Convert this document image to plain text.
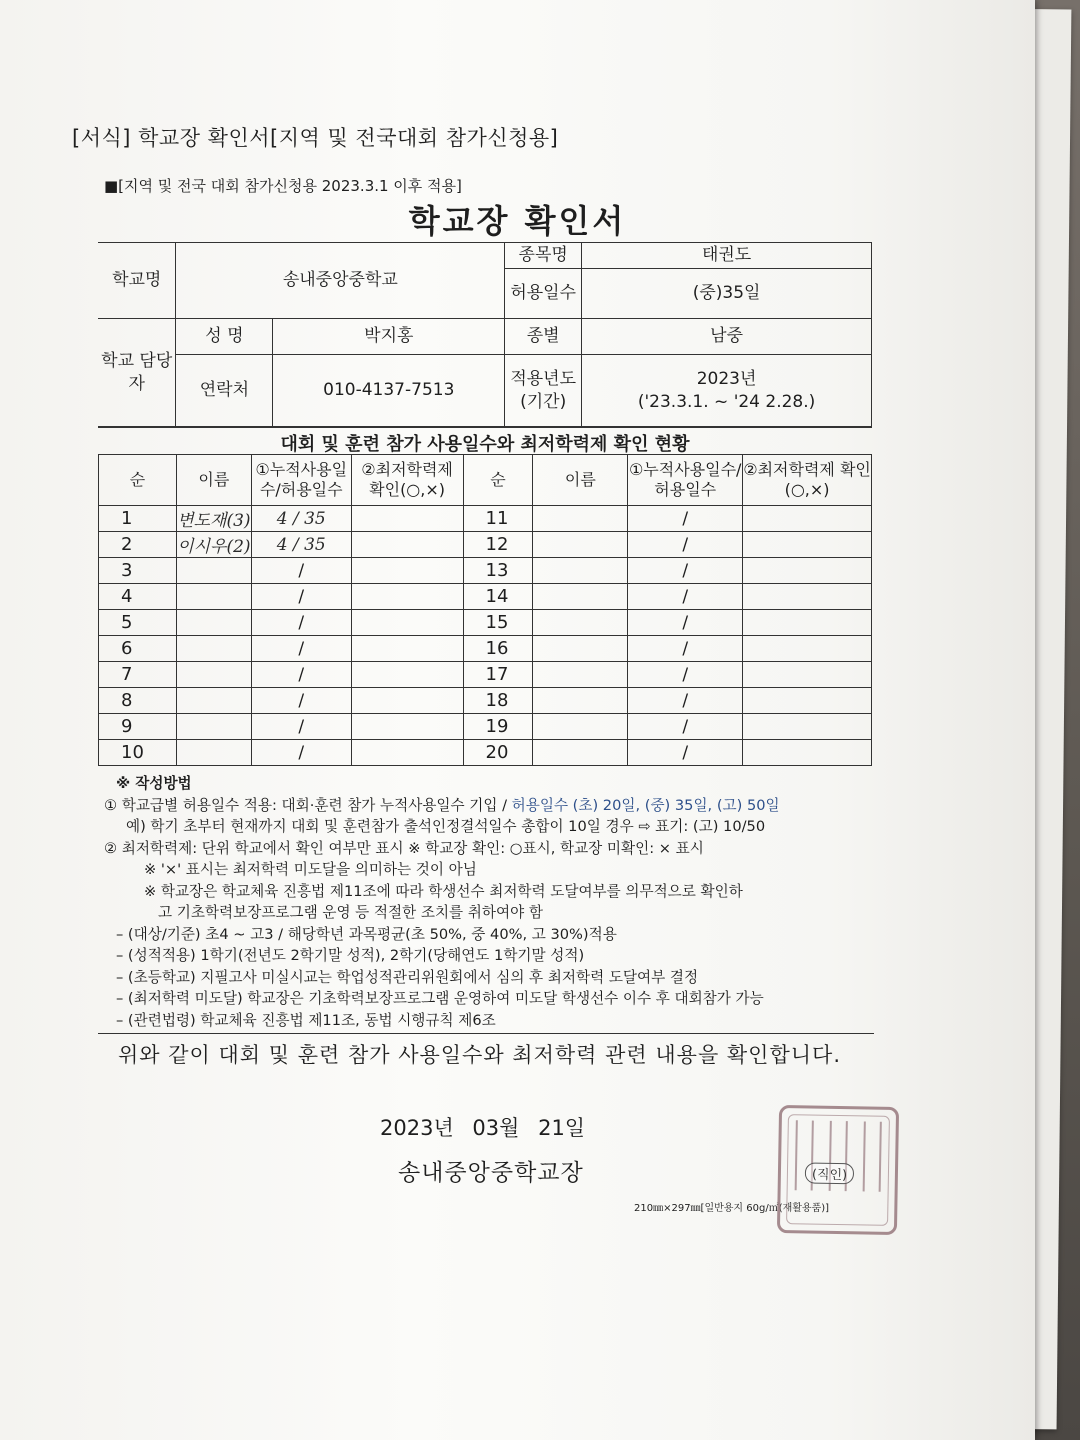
[서식] 학교장 확인서[지역 및 전국대회 참가신청용]
■[지역 및 전국 대회 참가신청용 2023.3.1 이후 적용]
학교장 확인서
학교명	송내중앙중학교		종목명	태권도
			허용일수	(중)35일
학교 담당자	성 명	박지홍	종별	남중
	연락처	010-4137-7513	적용년도 (기간)	2023년
('23.3.1. ~ '24 2.28.)
대회 및 훈련 참가 사용일수와 최저학력제 확인 현황
순	이름	①누적사용일수/허용일수	②최저학력제 확인(○,×)	순	이름	①누적사용일수/허용일수	②최저학력제 확인(○,×)
1	변도재(3)	4 / 35		11		/	
2	이시우(2)	4 / 35		12		/	
3		/		13		/	
4		/		14		/	
5		/		15		/	
6		/		16		/	
7		/		17		/	
8		/		18		/	
9		/		19		/	
10		/		20		/	
※ 작성방법
① 학교급별 허용일수 적용: 대회·훈련 참가 누적사용일수 기입 / 허용일수 (초) 20일, (중) 35일, (고) 50일
예) 학기 초부터 현재까지 대회 및 훈련참가 출석인정결석일수 총합이 10일 경우 ⇨ 표기: (고) 10/50
② 최저학력제: 단위 학교에서 확인 여부만 표시 ※ 학교장 확인: ○표시, 학교장 미확인: × 표시
※ '×' 표시는 최저학력 미도달을 의미하는 것이 아님
※ 학교장은 학교체육 진흥법 제11조에 따라 학생선수 최저학력 도달여부를 의무적으로 확인하
고 기초학력보장프로그램 운영 등 적절한 조치를 취하여야 함
– (대상/기준) 초4 ~ 고3 / 해당학년 과목평균(초 50%, 중 40%, 고 30%)적용
– (성적적용) 1학기(전년도 2학기말 성적), 2학기(당해연도 1학기말 성적)
– (초등학교) 지필고사 미실시교는 학업성적관리위원회에서 심의 후 최저학력 도달여부 결정
– (최저학력 미도달) 학교장은 기초학력보장프로그램 운영하여 미도달 학생선수 이수 후 대회참가 가능
– (관련법령) 학교체육 진흥법 제11조, 동법 시행규칙 제6조
위와 같이 대회 및 훈련 참가 사용일수와 최저학력 관련 내용을 확인합니다.
2023년 03월 21일
송내중앙중학교장
210㎜×297㎜[일반용지 60g/㎡(재활용품)]
(직인)
